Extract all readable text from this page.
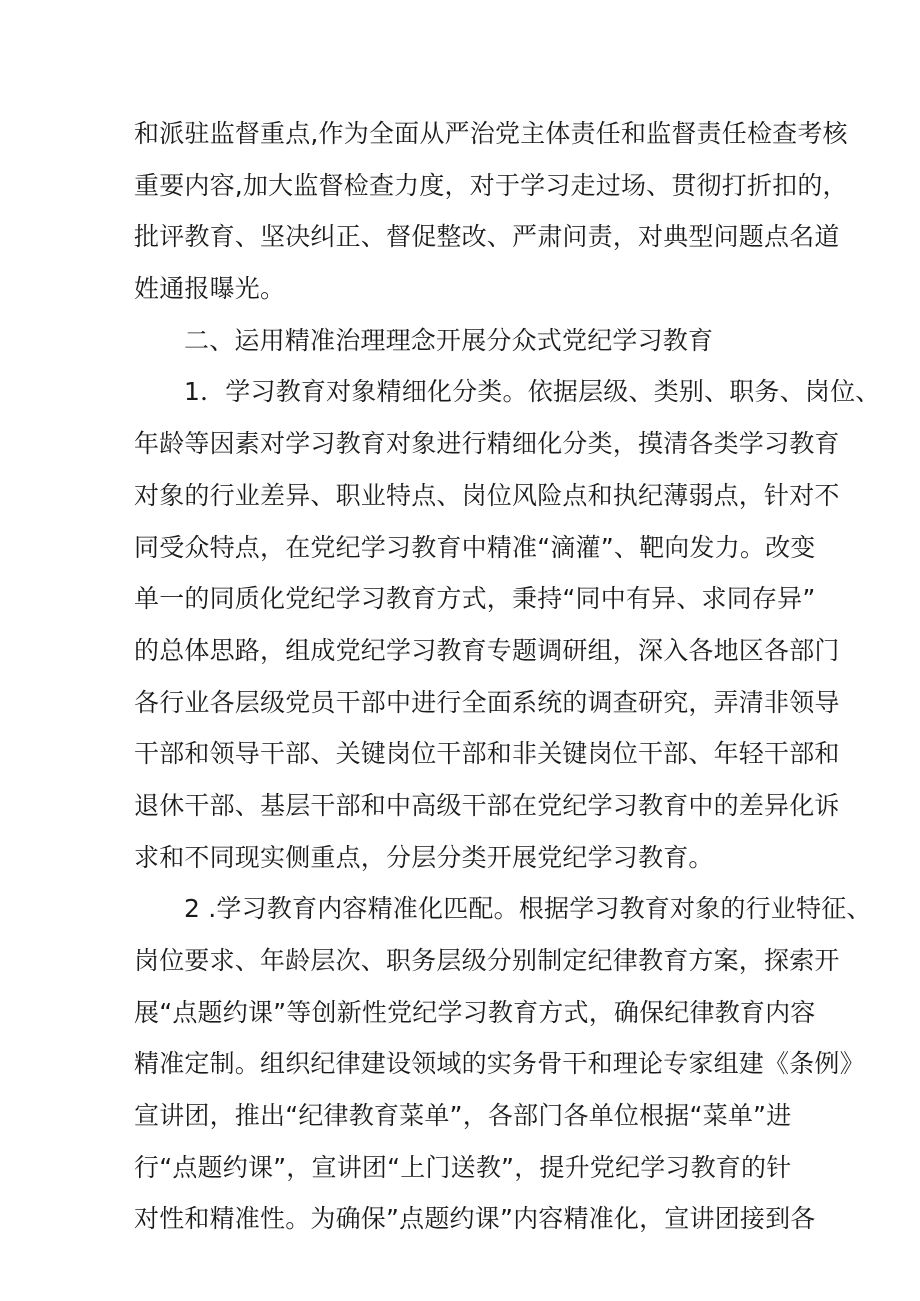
和派驻监督重点,作为全面从严治党主体责任和监督责任检查考核
重要内容,加大监督检查力度，对于学习走过场、贯彻打折扣的，
批评教育、坚决纠正、督促整改、严肃问责，对典型问题点名道
姓通报曝光。
二、运用精准治理理念开展分众式党纪学习教育
1．学习教育对象精细化分类。依据层级、类别、职务、岗位、
年龄等因素对学习教育对象进行精细化分类，摸清各类学习教育
对象的行业差异、职业特点、岗位风险点和执纪薄弱点，针对不
同受众特点，在党纪学习教育中精准“滴灌”、靶向发力。改变
单一的同质化党纪学习教育方式，秉持“同中有异、求同存异”
的总体思路，组成党纪学习教育专题调研组，深入各地区各部门
各行业各层级党员干部中进行全面系统的调查研究，弄清非领导
干部和领导干部、关键岗位干部和非关键岗位干部、年轻干部和
退休干部、基层干部和中高级干部在党纪学习教育中的差异化诉
求和不同现实侧重点，分层分类开展党纪学习教育。
2 .学习教育内容精准化匹配。根据学习教育对象的行业特征、
岗位要求、年龄层次、职务层级分别制定纪律教育方案，探索开
展“点题约课”等创新性党纪学习教育方式，确保纪律教育内容
精准定制。组织纪律建设领域的实务骨干和理论专家组建《条例》
宣讲团，推出“纪律教育菜单”，各部门各单位根据“菜单”进
行“点题约课”，宣讲团“上门送教”，提升党纪学习教育的针
对性和精准性。为确保”点题约课”内容精准化，宣讲团接到各
